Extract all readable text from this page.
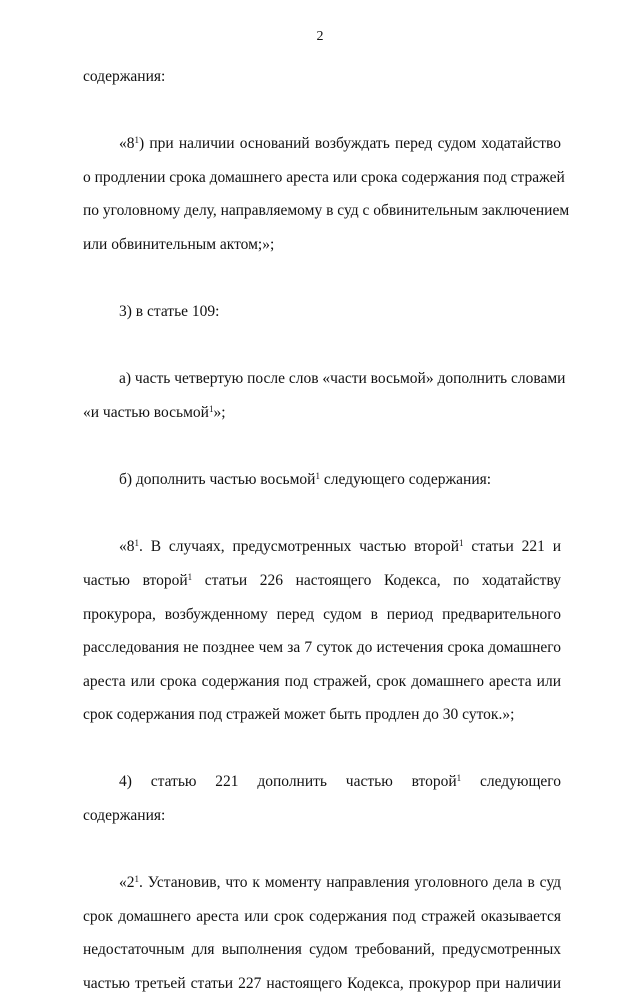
2
содержания:
«$8^1$) при наличии оснований возбуждать перед судом ходатайство
о продлении срока домашнего ареста или срока содержания под стражей
по уголовному делу, направляемому в суд с обвинительным заключением
или обвинительным актом;»;
3) в статье 109:
а) часть четвертую после слов «части восьмой» дополнить словами
«и частью восьмой$^1$»;
б) дополнить частью восьмой$^1$ следующего содержания:
«$8^1$. В случаях, предусмотренных частью второй$^1$ статьи 221 и
частью второй$^1$ статьи 226 настоящего Кодекса, по ходатайству
прокурора, возбужденному перед судом в период предварительного
расследования не позднее чем за 7 суток до истечения срока домашнего
ареста или срока содержания под стражей, срок домашнего ареста или
срок содержания под стражей может быть продлен до 30 суток.»;
4) статью 221 дополнить частью второй$^1$ следующего
содержания:
«$2^1$. Установив, что к моменту направления уголовного дела в суд
срок домашнего ареста или срок содержания под стражей оказывается
недостаточным для выполнения судом требований, предусмотренных
частью третьей статьи 227 настоящего Кодекса, прокурор при наличии
